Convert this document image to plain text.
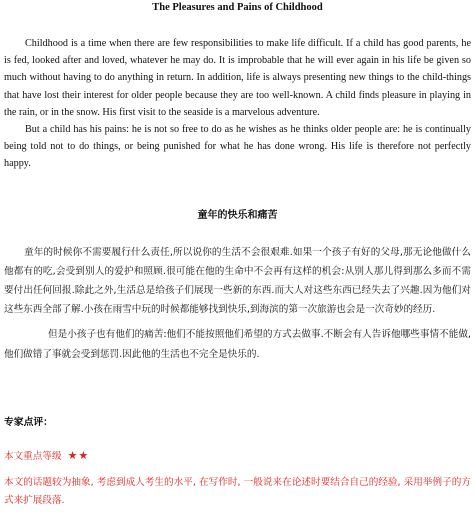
The Pleasures and Pains of Childhood

Childhood is a time when there are few responsibilities to make life difficult. If a child has good parents, he is fed, looked after and loved, whatever he may do. It is improbable that he will ever again in his life be given so much without having to do anything in return. In addition, life is always presenting new things to the child-things that have lost their interest for older people because they are too well-known. A child finds pleasure in playing in the rain, or in the snow. His first visit to the seaside is a marvelous adventure.

But a child has his pains: he is not so free to do as he wishes as he thinks older people are: he is continually being told not to do things, or being punished for what he has done wrong. His life is therefore not perfectly happy.

童年的快乐和痛苦

童年的时候你不需要履行什么责任,所以说你的生活不会很艰难.如果一个孩子有好的父母,那无论他做什么他都有的吃,会受到别人的爱护和照顾.很可能在他的生命中不会再有这样的机会:从别人那儿得到那么多而不需要付出任何回报.除此之外,生活总是给孩子们展现一些新的东西.而大人对这些东西已经失去了兴趣.因为他们对这些东西全部了解.小孩在雨雪中玩的时候都能够找到快乐,到海滨的第一次旅游也会是一次奇妙的经历.

但是小孩子也有他们的痛苦:他们不能按照他们希望的方式去做事.不断会有人告诉他哪些事情不能做,他们做错了事就会受到惩罚.因此他的生活也不完全是快乐的.

专家点评：
本文重点等级 ★★

本文的话题较为抽象, 考虑到成人考生的水平, 在写作时, 一般说来在论述时要结合自己的经验, 采用举例子的方式来扩展段落.
